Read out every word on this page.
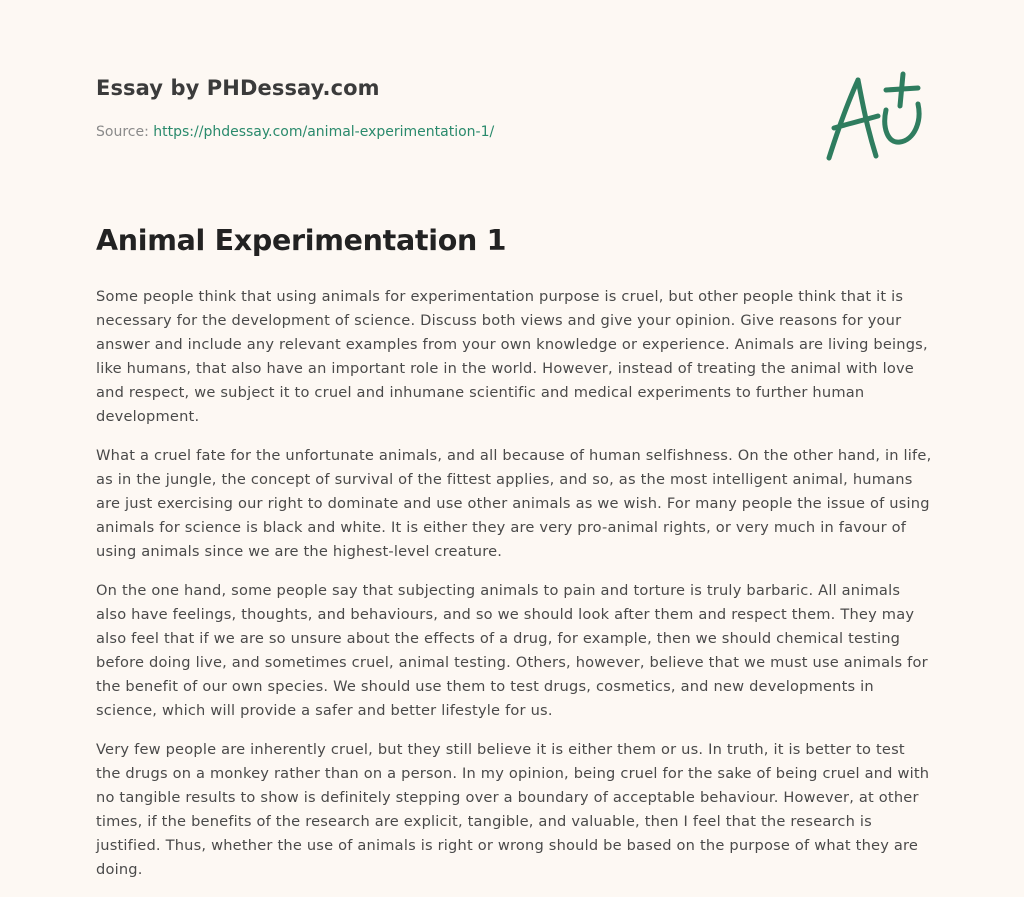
Essay by PHDessay.com
Source: https://phdessay.com/animal-experimentation-1/
Animal Experimentation 1

Some people think that using animals for experimentation purpose is cruel, but other people think that it is necessary for the development of science. Discuss both views and give your opinion. Give reasons for your answer and include any relevant examples from your own knowledge or experience. Animals are living beings, like humans, that also have an important role in the world. However, instead of treating the animal with love and respect, we subject it to cruel and inhumane scientific and medical experiments to further human development.

What a cruel fate for the unfortunate animals, and all because of human selfishness. On the other hand, in life, as in the jungle, the concept of survival of the fittest applies, and so, as the most intelligent animal, humans are just exercising our right to dominate and use other animals as we wish. For many people the issue of using animals for science is black and white. It is either they are very pro-animal rights, or very much in favour of using animals since we are the highest-level creature.

On the one hand, some people say that subjecting animals to pain and torture is truly barbaric. All animals also have feelings, thoughts, and behaviours, and so we should look after them and respect them. They may also feel that if we are so unsure about the effects of a drug, for example, then we should chemical testing before doing live, and sometimes cruel, animal testing. Others, however, believe that we must use animals for the benefit of our own species. We should use them to test drugs, cosmetics, and new developments in science, which will provide a safer and better lifestyle for us.

Very few people are inherently cruel, but they still believe it is either them or us. In truth, it is better to test the drugs on a monkey rather than on a person. In my opinion, being cruel for the sake of being cruel and with no tangible results to show is definitely stepping over a boundary of acceptable behaviour. However, at other times, if the benefits of the research are explicit, tangible, and valuable, then I feel that the research is justified. Thus, whether the use of animals is right or wrong should be based on the purpose of what they are doing.
